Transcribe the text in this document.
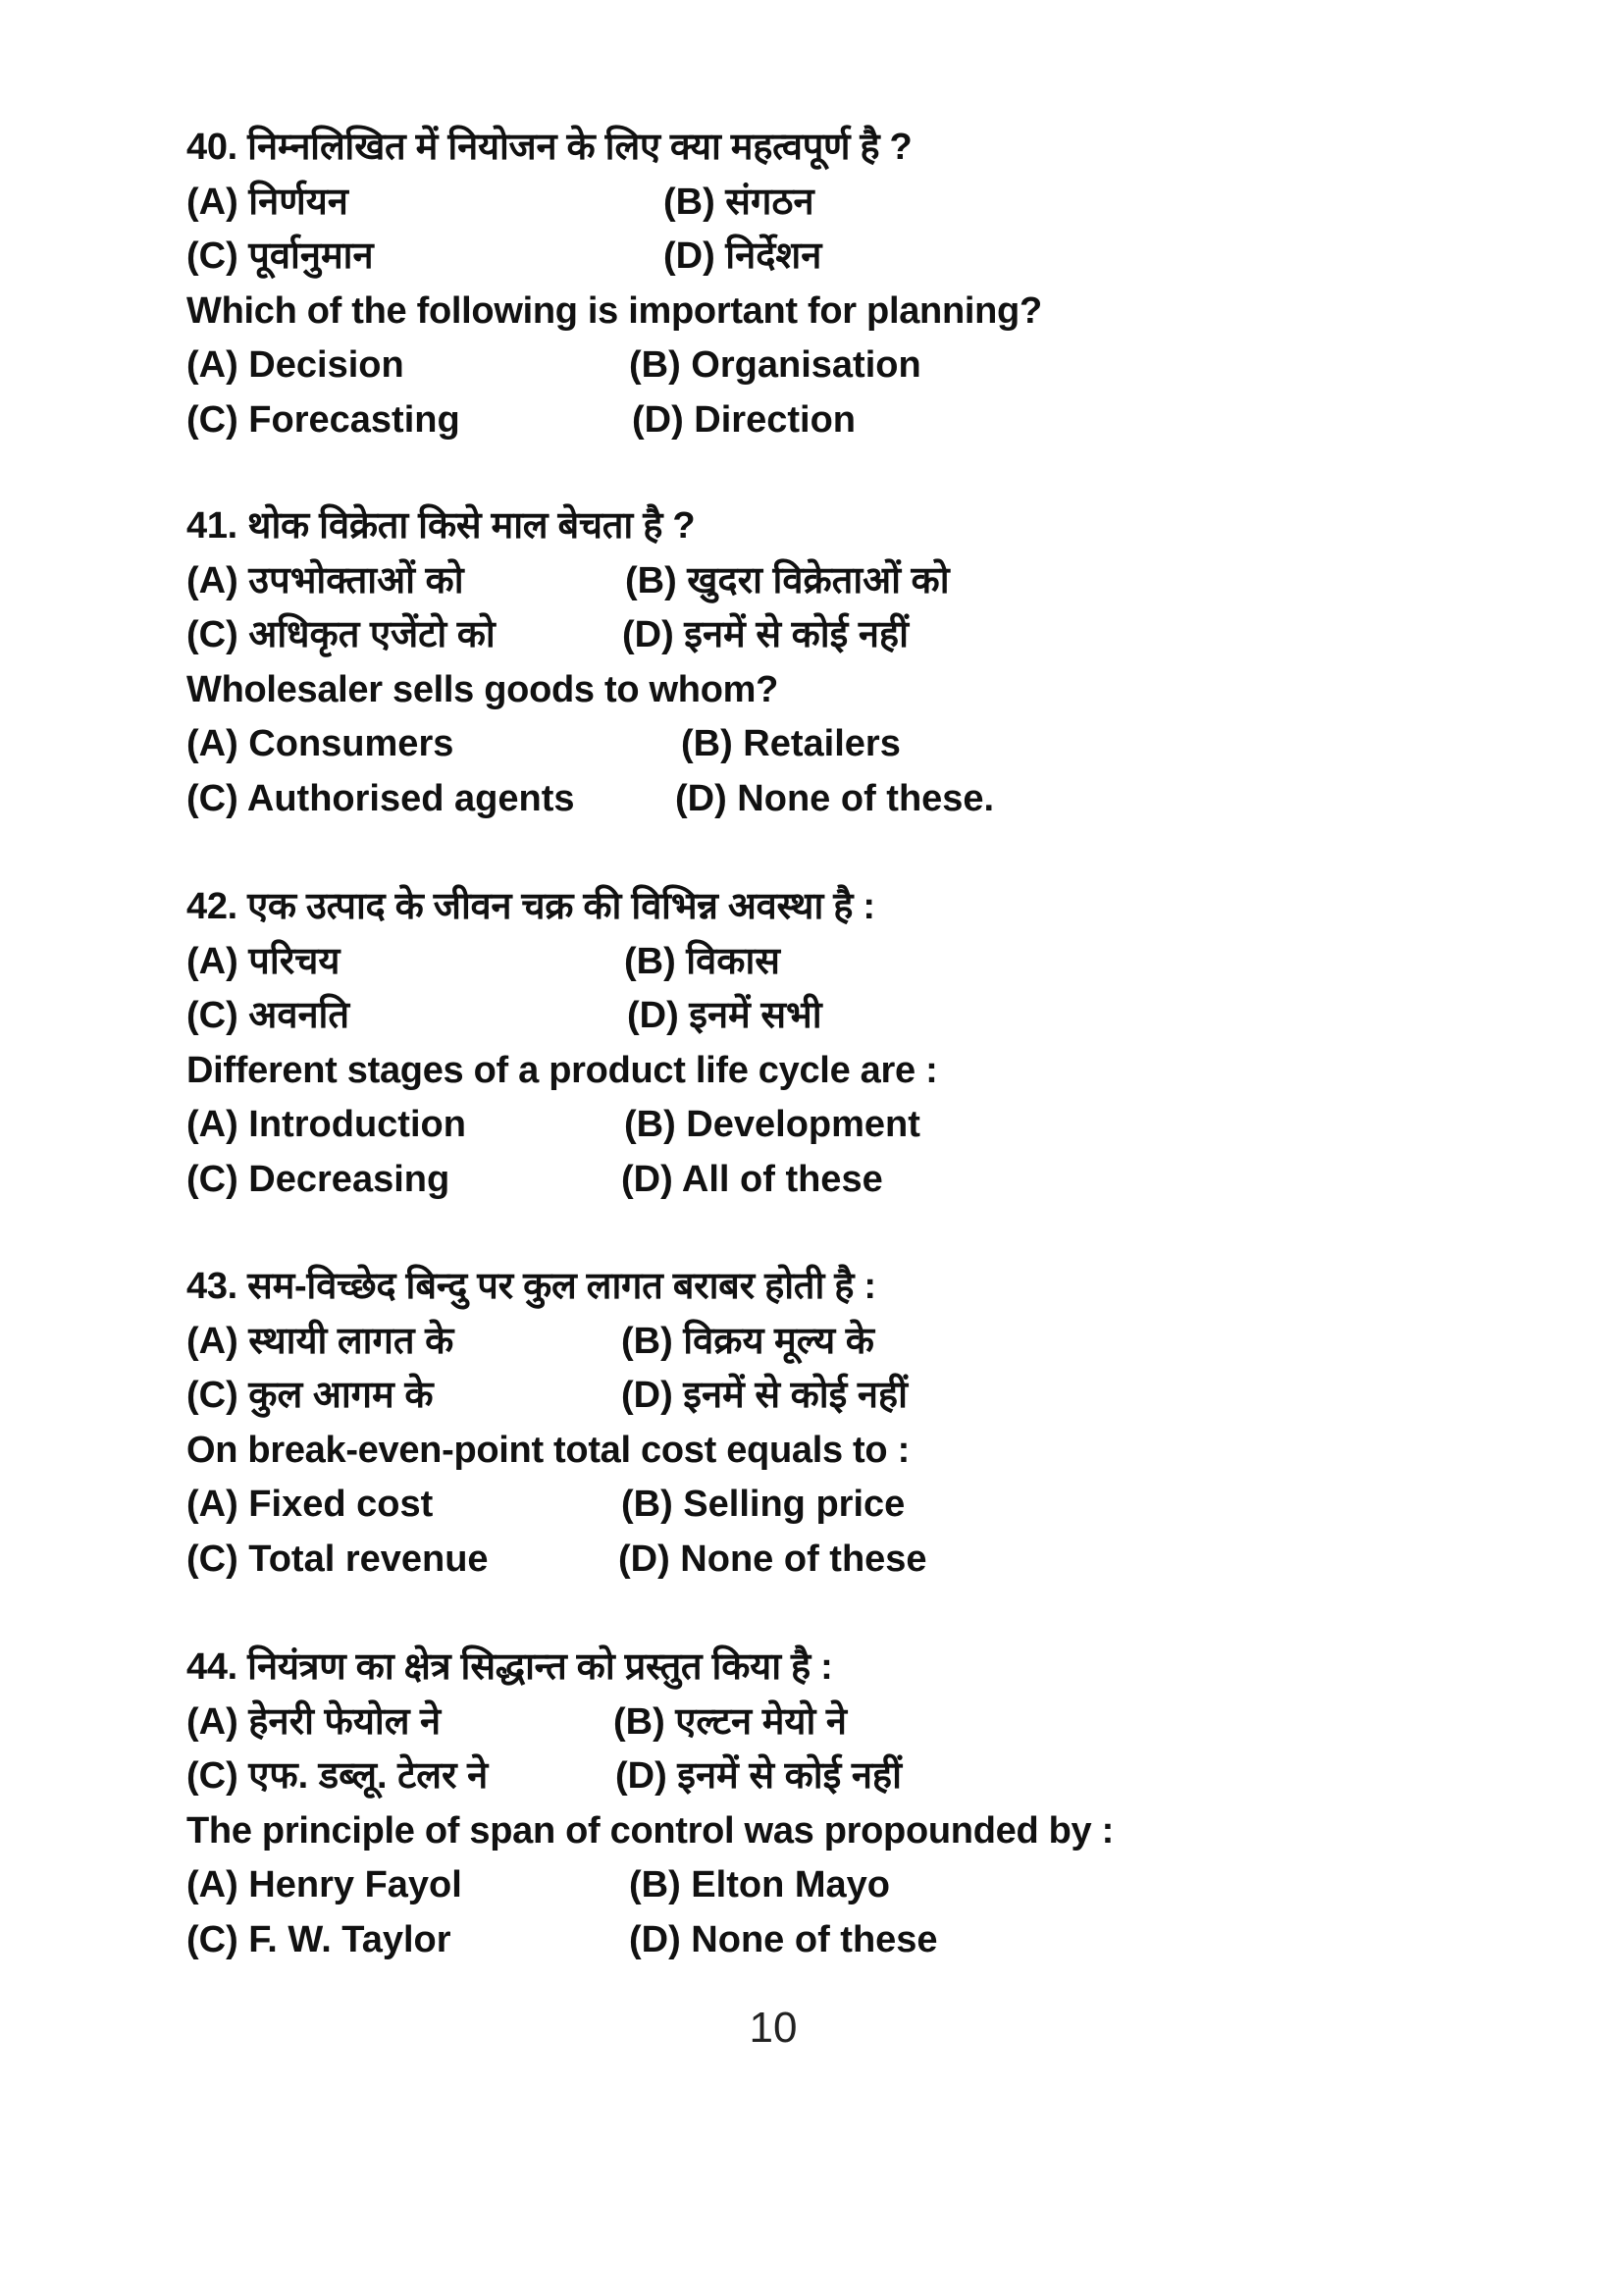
40. निम्नलिखित में नियोजन के लिए क्या महत्वपूर्ण है ?
(A) निर्णयन	(B) संगठन
(C) पूर्वानुमान	(D) निर्देशन
Which of the following is important for planning?
(A) Decision	(B) Organisation
(C) Forecasting	(D) Direction
41. थोक विक्रेता किसे माल बेचता है ?
(A) उपभोक्ताओं को	(B) खुदरा विक्रेताओं को
(C) अधिकृत एजेंटो को	(D) इनमें से कोई नहीं
Wholesaler sells goods to whom?
(A) Consumers	(B) Retailers
(C) Authorised agents	(D) None of these.
42. एक उत्पाद के जीवन चक्र की विभिन्न अवस्था है :
(A) परिचय	(B) विकास
(C) अवनति	(D) इनमें सभी
Different stages of a product life cycle are :
(A) Introduction	(B) Development
(C) Decreasing	(D) All of these
43. सम-विच्छेद बिन्दु पर कुल लागत बराबर होती है :
(A) स्थायी लागत के	(B) विक्रय मूल्य के
(C) कुल आगम के	(D) इनमें से कोई नहीं
On break-even-point total cost equals to :
(A) Fixed cost	(B) Selling price
(C) Total revenue	(D) None of these
44. नियंत्रण का क्षेत्र सिद्धान्त को प्रस्तुत किया है :
(A) हेनरी फेयोल ने	(B) एल्टन मेयो ने
(C) एफ. डब्लू. टेलर ने	(D) इनमें से कोई नहीं
The principle of span of control was propounded by :
(A) Henry Fayol	(B) Elton Mayo
(C) F. W. Taylor	(D) None of these
10
